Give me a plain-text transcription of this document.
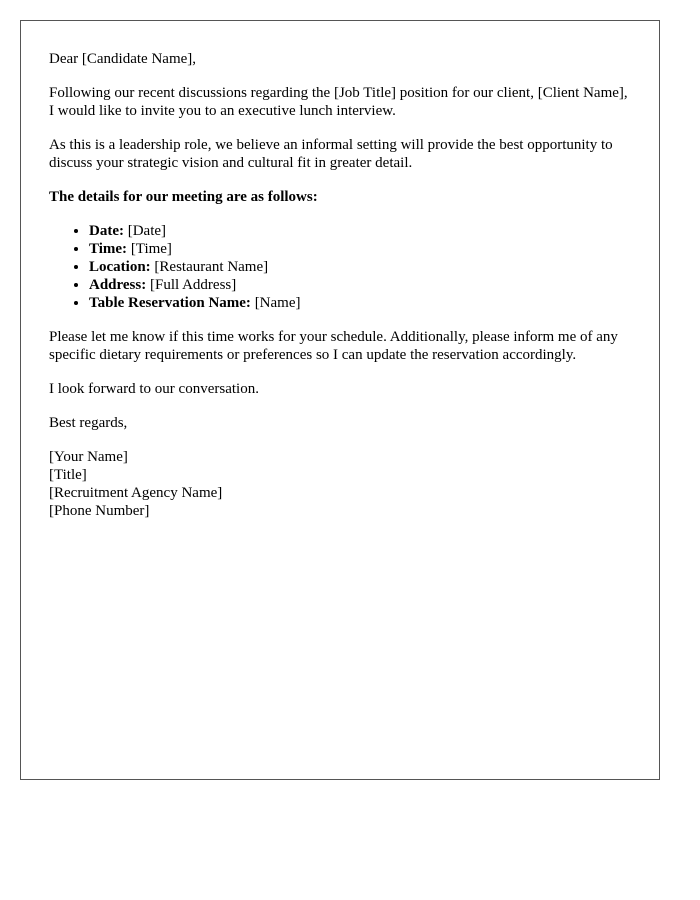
Dear [Candidate Name],

Following our recent discussions regarding the [Job Title] position for our client, [Client Name], I would like to invite you to an executive lunch interview.

As this is a leadership role, we believe an informal setting will provide the best opportunity to discuss your strategic vision and cultural fit in greater detail.

The details for our meeting are as follows:

• Date: [Date]
• Time: [Time]
• Location: [Restaurant Name]
• Address: [Full Address]
• Table Reservation Name: [Name]

Please let me know if this time works for your schedule. Additionally, please inform me of any specific dietary requirements or preferences so I can update the reservation accordingly.

I look forward to our conversation.

Best regards,

[Your Name]
[Title]
[Recruitment Agency Name]
[Phone Number]
